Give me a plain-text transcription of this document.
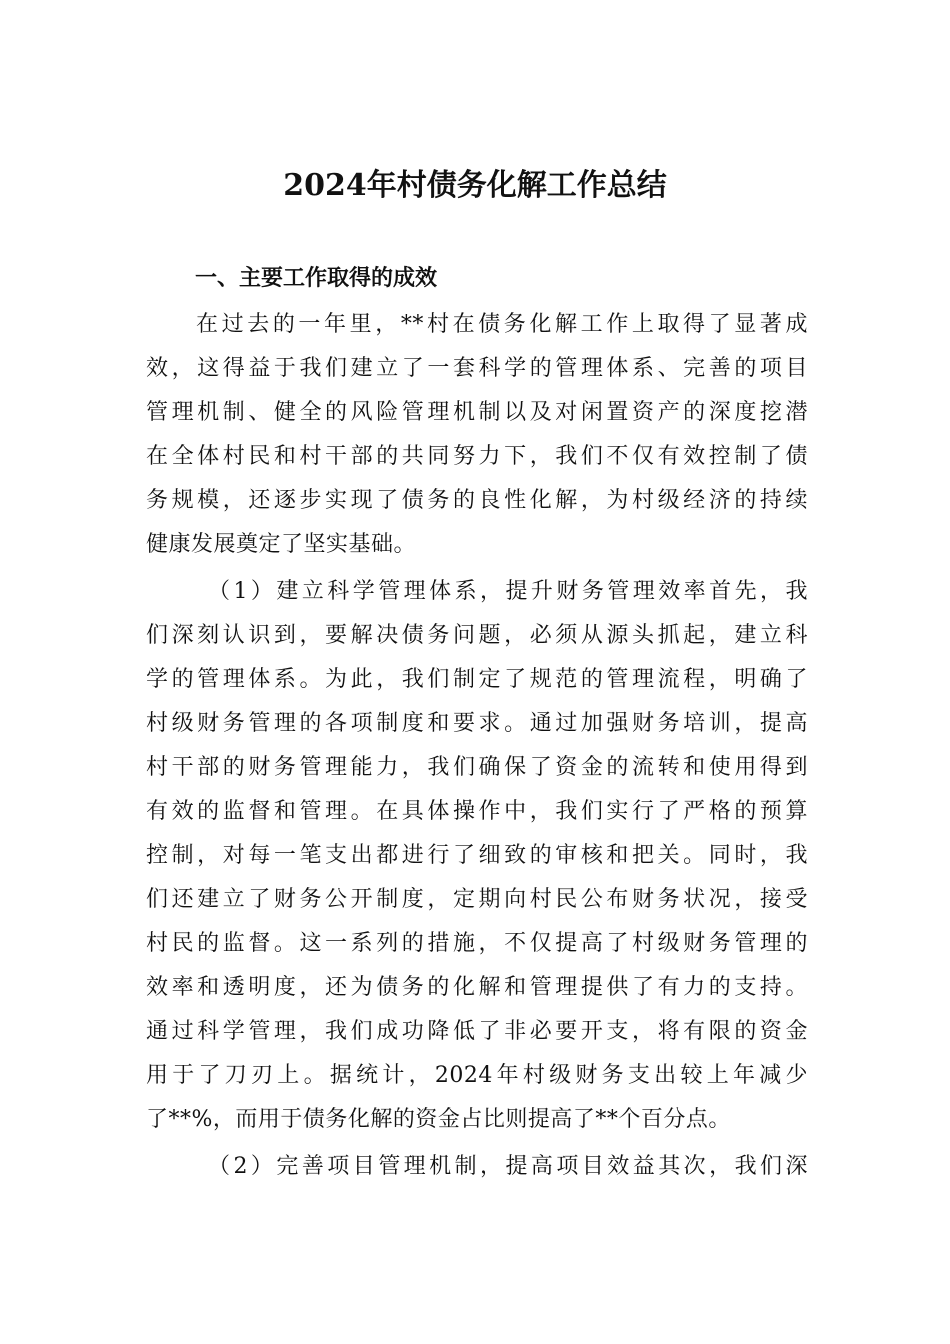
2024年村债务化解工作总结
一、主要工作取得的成效
在过去的一年里，**村在债务化解工作上取得了显著成
效，这得益于我们建立了一套科学的管理体系、完善的项目
管理机制、健全的风险管理机制以及对闲置资产的深度挖潜
在全体村民和村干部的共同努力下，我们不仅有效控制了债
务规模，还逐步实现了债务的良性化解，为村级经济的持续
健康发展奠定了坚实基础。
（1）建立科学管理体系，提升财务管理效率首先，我
们深刻认识到，要解决债务问题，必须从源头抓起，建立科
学的管理体系。为此，我们制定了规范的管理流程，明确了
村级财务管理的各项制度和要求。通过加强财务培训，提高
村干部的财务管理能力，我们确保了资金的流转和使用得到
有效的监督和管理。在具体操作中，我们实行了严格的预算
控制，对每一笔支出都进行了细致的审核和把关。同时，我
们还建立了财务公开制度，定期向村民公布财务状况，接受
村民的监督。这一系列的措施，不仅提高了村级财务管理的
效率和透明度，还为债务的化解和管理提供了有力的支持。
通过科学管理，我们成功降低了非必要开支，将有限的资金
用于了刀刃上。据统计，2024年村级财务支出较上年减少
了**%，而用于债务化解的资金占比则提高了**个百分点。
（2）完善项目管理机制，提高项目效益其次，我们深
